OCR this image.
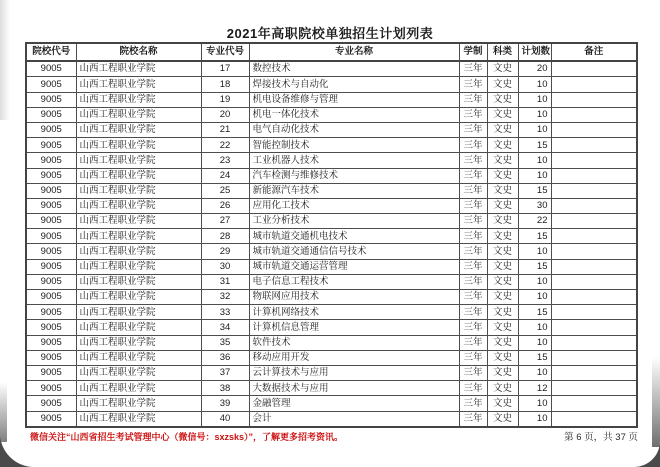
2021年高职院校单独招生计划列表
院校代号	院校名称	专业代号	专业名称	学制	科类	计划数	备注
9005	山西工程职业学院	17	数控技术	三年	文史	20	
9005	山西工程职业学院	18	焊接技术与自动化	三年	文史	10	
9005	山西工程职业学院	19	机电设备维修与管理	三年	文史	10	
9005	山西工程职业学院	20	机电一体化技术	三年	文史	10	
9005	山西工程职业学院	21	电气自动化技术	三年	文史	10	
9005	山西工程职业学院	22	智能控制技术	三年	文史	15	
9005	山西工程职业学院	23	工业机器人技术	三年	文史	10	
9005	山西工程职业学院	24	汽车检测与维修技术	三年	文史	10	
9005	山西工程职业学院	25	新能源汽车技术	三年	文史	15	
9005	山西工程职业学院	26	应用化工技术	三年	文史	30	
9005	山西工程职业学院	27	工业分析技术	三年	文史	22	
9005	山西工程职业学院	28	城市轨道交通机电技术	三年	文史	15	
9005	山西工程职业学院	29	城市轨道交通通信信号技术	三年	文史	10	
9005	山西工程职业学院	30	城市轨道交通运营管理	三年	文史	15	
9005	山西工程职业学院	31	电子信息工程技术	三年	文史	10	
9005	山西工程职业学院	32	物联网应用技术	三年	文史	10	
9005	山西工程职业学院	33	计算机网络技术	三年	文史	15	
9005	山西工程职业学院	34	计算机信息管理	三年	文史	10	
9005	山西工程职业学院	35	软件技术	三年	文史	10	
9005	山西工程职业学院	36	移动应用开发	三年	文史	15	
9005	山西工程职业学院	37	云计算技术与应用	三年	文史	10	
9005	山西工程职业学院	38	大数据技术与应用	三年	文史	12	
9005	山西工程职业学院	39	金融管理	三年	文史	10	
9005	山西工程职业学院	40	会计	三年	文史	10	
微信关注“山西省招生考试管理中心（微信号：sxzsks）”，了解更多招考资讯。	第 6 页，共 37 页
